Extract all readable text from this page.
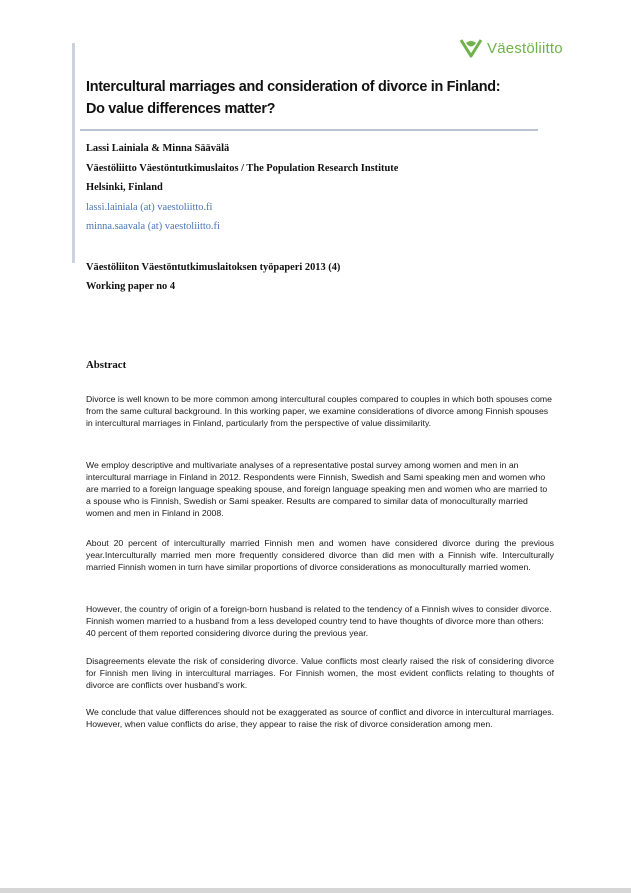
Väestöliitto
Intercultural marriages and consideration of divorce in Finland:
Do value differences matter?
Lassi Lainiala & Minna Säävälä
Väestöliitto Väestöntutkimuslaitos / The Population Research Institute
Helsinki, Finland
lassi.lainiala (at) vaestoliitto.fi
minna.saavala (at) vaestoliitto.fi
Väestöliiton Väestöntutkimuslaitoksen työpaperi 2013 (4)
Working paper no 4
Abstract
Divorce is well known to be more common among intercultural couples compared to couples in which both spouses come from the same cultural background. In this working paper, we examine considerations of divorce among Finnish spouses in intercultural marriages in Finland, particularly from the perspective of value dissimilarity.
We employ descriptive and multivariate analyses of a representative postal survey among women and men in an intercultural marriage in Finland in 2012. Respondents were Finnish, Swedish and Sami speaking men and women who are married to a foreign language speaking spouse, and foreign language speaking men and women who are married to a spouse who is Finnish, Swedish or Sami speaker. Results are compared to similar data of monoculturally married women and men in Finland in 2008.
About 20 percent of interculturally married Finnish men and women have considered divorce during the previous year.Interculturally married men more frequently considered divorce than did men with a Finnish wife. Interculturally married Finnish women in turn have similar proportions of divorce considerations as monoculturally married women.
However, the country of origin of a foreign-born husband is related to the tendency of a Finnish wives to consider divorce. Finnish women married to a husband from a less developed country tend to have thoughts of divorce more than others: 40 percent of them reported considering divorce during the previous year.
Disagreements elevate the risk of considering divorce. Value conflicts most clearly raised the risk of considering divorce for Finnish men living in intercultural marriages. For Finnish women, the most evident conflicts relating to thoughts of divorce are conflicts over husband’s work.
We conclude that value differences should not be exaggerated as source of conflict and divorce in intercultural marriages. However, when value conflicts do arise, they appear to raise the risk of divorce consideration among men.
